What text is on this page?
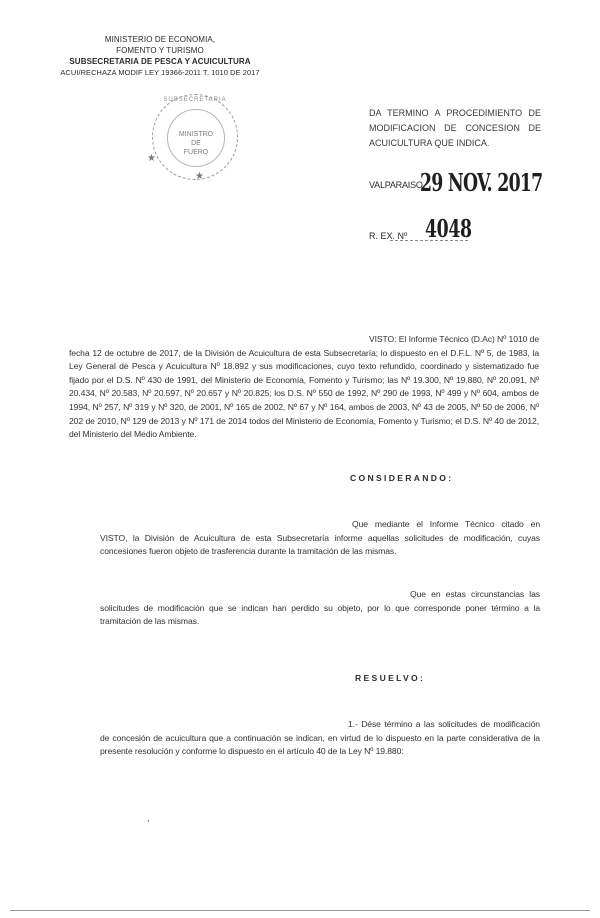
MINISTERIO DE ECONOMIA,
FOMENTO Y TURISMO
SUBSECRETARIA DE PESCA Y ACUICULTURA
ACUI/RECHAZA MODIF LEY 19366-2011 T. 1010 DE 2017
SUBSECRETARIA
MINISTRO
DE
FUERO
★
★
DA TERMINO A PROCEDIMIENTO DE MODIFICACION DE CONCESION DE ACUICULTURA QUE INDICA.
VALPARAISO,
29 NOV. 2017
R. EX. Nº 4048
VISTO: El Informe Técnico (D.Ac) Nº 1010 de fecha 12 de octubre de 2017, de la División de Acuicultura de esta Subsecretaría; lo dispuesto en el D.F.L. Nº 5, de 1983, la Ley General de Pesca y Acuicultura Nº 18.892 y sus modificaciones, cuyo texto refundido, coordinado y sistematizado fue fijado por el D.S. Nº 430 de 1991, del Ministerio de Economía, Fomento y Turismo; las Nº 19.300, Nº 19.880, Nº 20.091, Nº 20.434, Nº 20.583, Nº 20.597, Nº 20.657 y Nº 20.825; los D.S. Nº 550 de 1992, Nº 290 de 1993, Nº 499 y Nº 604, ambos de 1994, Nº 257, Nº 319 y Nº 320, de 2001, Nº 165 de 2002, Nº 67 y Nº 164, ambos de 2003, Nº 43 de 2005, Nº 50 de 2006, Nº 202 de 2010, Nº 129 de 2013 y Nº 171 de 2014 todos del Ministerio de Economía, Fomento y Turismo; el D.S. Nº 40 de 2012, del Ministerio del Medio Ambiente.
CONSIDERANDO:
Que mediante el Informe Técnico citado en VISTO, la División de Acuicultura de esta Subsecretaría informe aquellas solicitudes de modificación, cuyas concesiones fueron objeto de trasferencia durante la tramitación de las mismas.
Que en estas circunstancias las solicitudes de modificación que se indican han perdido su objeto, por lo que corresponde poner término a la tramitación de las mismas.
RESUELVO:
1.- Dése término a las solicitudes de modificación de concesión de acuicultura que a continuación se indican, en virtud de lo dispuesto en la parte considerativa de la presente resolución y conforme lo dispuesto en el artículo 40 de la Ley Nº 19.880:
,
